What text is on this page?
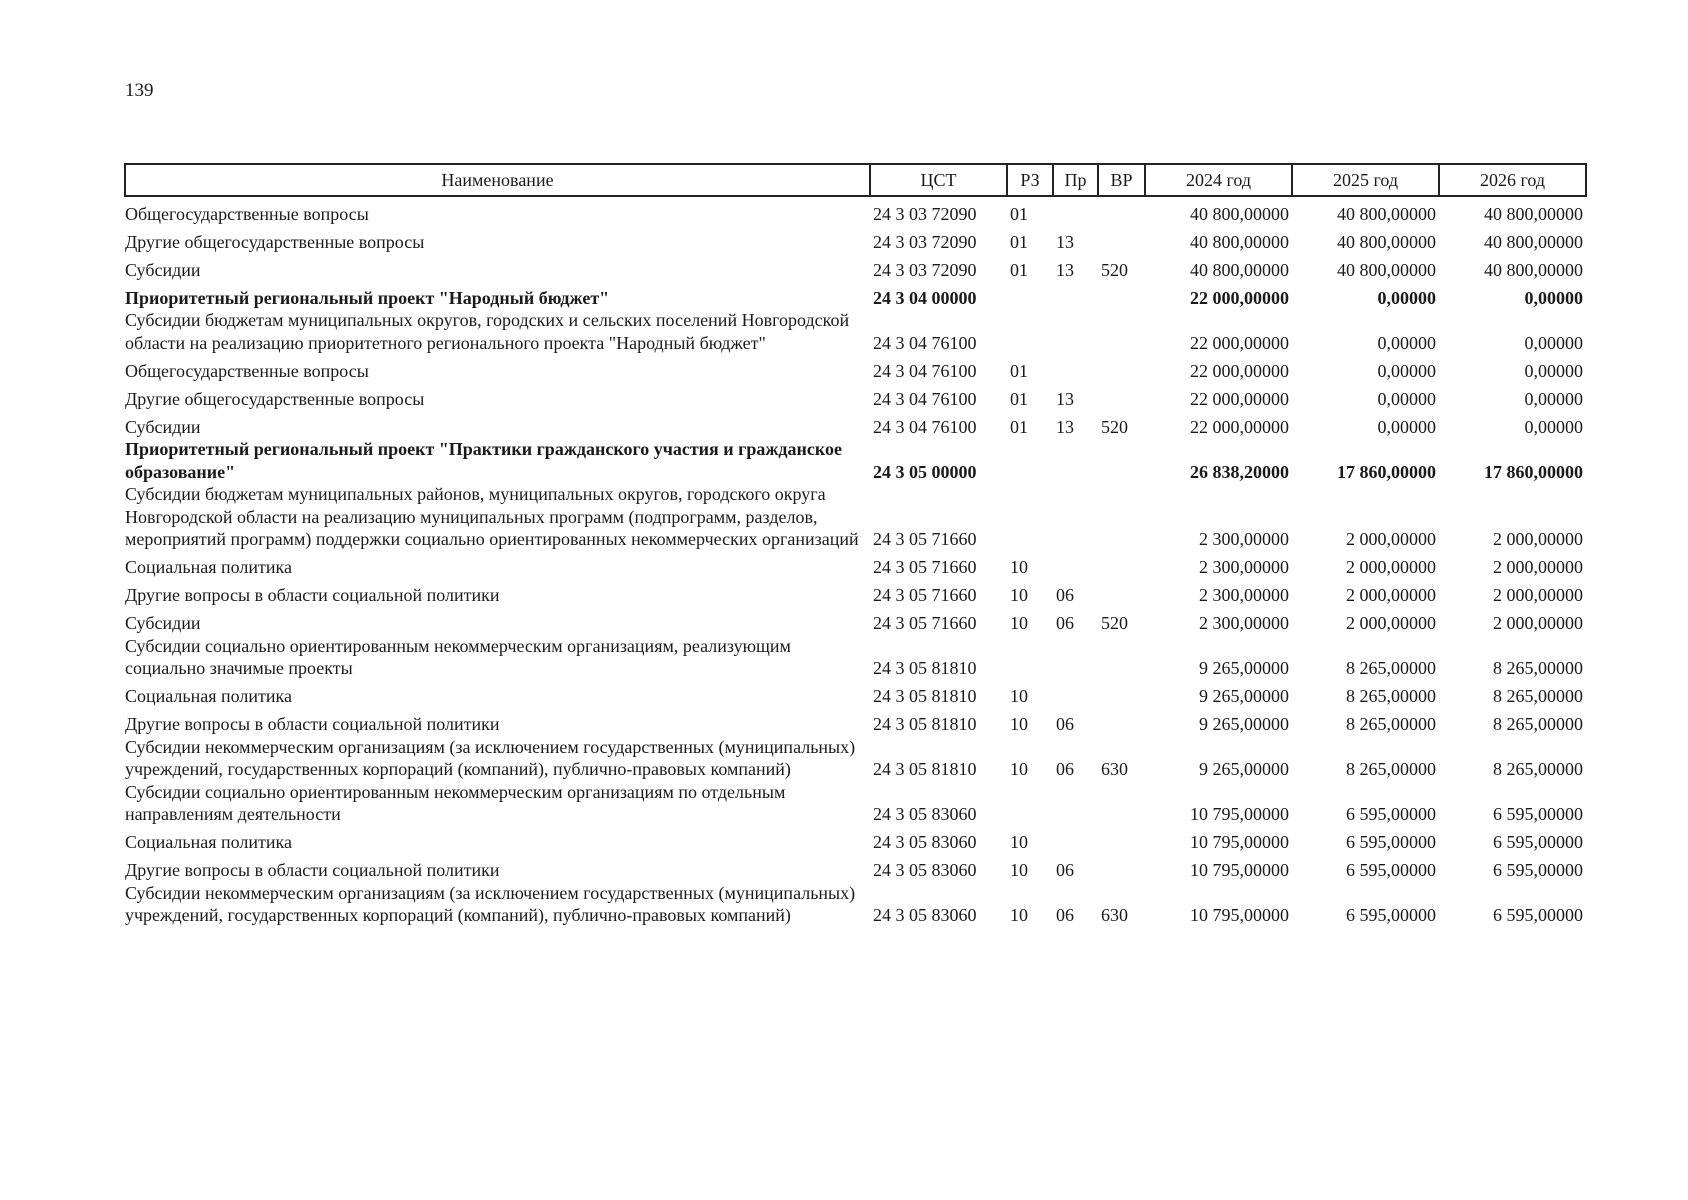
139
Наименование	ЦСТ	РЗ	Пр	ВР	2024 год	2025 год	2026 год
Общегосударственные вопросы	24 3 03 72090	01			40 800,00000	40 800,00000	40 800,00000
Другие общегосударственные вопросы	24 3 03 72090	01	13		40 800,00000	40 800,00000	40 800,00000
Субсидии	24 3 03 72090	01	13	520	40 800,00000	40 800,00000	40 800,00000
Приоритетный региональный проект "Народный бюджет"	24 3 04 00000				22 000,00000	0,00000	0,00000
Субсидии бюджетам муниципальных округов, городских и сельских поселений Новгородской области на реализацию приоритетного регионального проекта "Народный бюджет"	24 3 04 76100				22 000,00000	0,00000	0,00000
Общегосударственные вопросы	24 3 04 76100	01			22 000,00000	0,00000	0,00000
Другие общегосударственные вопросы	24 3 04 76100	01	13		22 000,00000	0,00000	0,00000
Субсидии	24 3 04 76100	01	13	520	22 000,00000	0,00000	0,00000
Приоритетный региональный проект "Практики гражданского участия и гражданское образование"	24 3 05 00000				26 838,20000	17 860,00000	17 860,00000
Субсидии бюджетам муниципальных районов, муниципальных округов, городского округа Новгородской области на реализацию муниципальных программ (подпрограмм, разделов, мероприятий программ) поддержки социально ориентированных некоммерческих организаций	24 3 05 71660				2 300,00000	2 000,00000	2 000,00000
Социальная политика	24 3 05 71660	10			2 300,00000	2 000,00000	2 000,00000
Другие вопросы в области социальной политики	24 3 05 71660	10	06		2 300,00000	2 000,00000	2 000,00000
Субсидии	24 3 05 71660	10	06	520	2 300,00000	2 000,00000	2 000,00000
Субсидии социально ориентированным некоммерческим организациям, реализующим социально значимые проекты	24 3 05 81810				9 265,00000	8 265,00000	8 265,00000
Социальная политика	24 3 05 81810	10			9 265,00000	8 265,00000	8 265,00000
Другие вопросы в области социальной политики	24 3 05 81810	10	06		9 265,00000	8 265,00000	8 265,00000
Субсидии некоммерческим организациям (за исключением государственных (муниципальных) учреждений, государственных корпораций (компаний), публично-правовых компаний)	24 3 05 81810	10	06	630	9 265,00000	8 265,00000	8 265,00000
Субсидии социально ориентированным некоммерческим организациям по отдельным направлениям деятельности	24 3 05 83060				10 795,00000	6 595,00000	6 595,00000
Социальная политика	24 3 05 83060	10			10 795,00000	6 595,00000	6 595,00000
Другие вопросы в области социальной политики	24 3 05 83060	10	06		10 795,00000	6 595,00000	6 595,00000
Субсидии некоммерческим организациям (за исключением государственных (муниципальных) учреждений, государственных корпораций (компаний), публично-правовых компаний)	24 3 05 83060	10	06	630	10 795,00000	6 595,00000	6 595,00000
